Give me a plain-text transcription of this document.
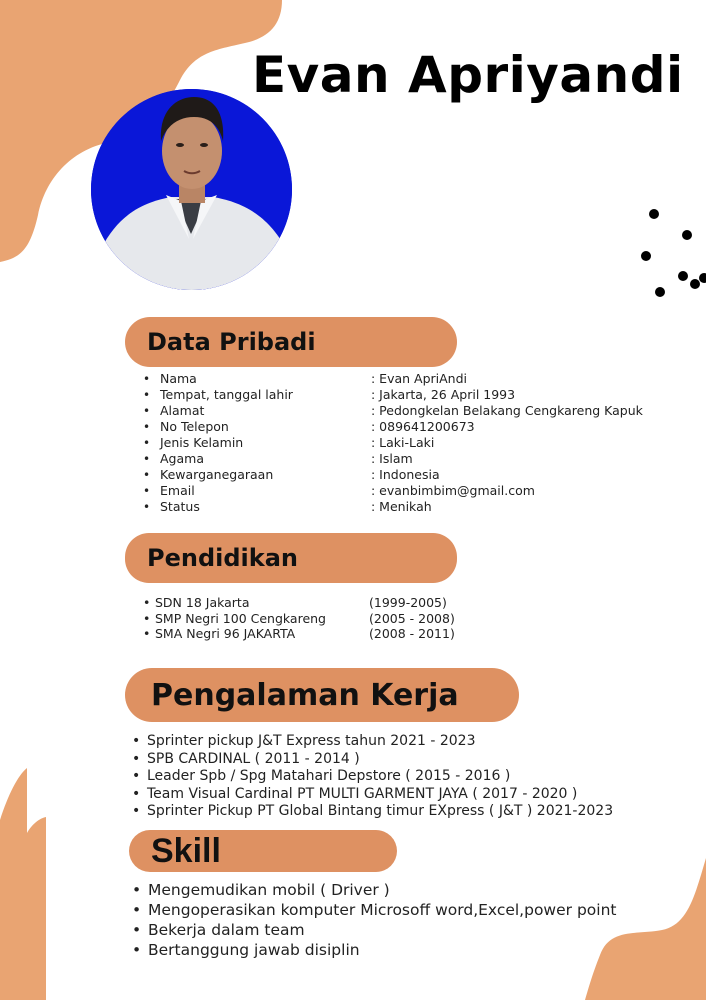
Evan Apriyandi
Data Pribadi
• Nama	: Evan ApriAndi
• Tempat, tanggal lahir	: Jakarta, 26 April 1993
• Alamat	: Pedongkelan Belakang Cengkareng Kapuk
• No Telepon	: 089641200673
• Jenis Kelamin	: Laki-Laki
• Agama	: Islam
• Kewarganegaraan	: Indonesia
• Email	: evanbimbim@gmail.com
• Status	: Menikah
Pendidikan
• SDN 18 Jakarta	(1999-2005)
• SMP Negri 100 Cengkareng	(2005 - 2008)
• SMA Negri 96 JAKARTA	(2008 - 2011)
Pengalaman Kerja
• Sprinter pickup J&T Express tahun 2021 - 2023
• SPB CARDINAL ( 2011 - 2014 )
• Leader Spb / Spg Matahari Depstore ( 2015 - 2016 )
• Team Visual Cardinal PT MULTI GARMENT JAYA ( 2017 - 2020 )
• Sprinter Pickup PT Global Bintang timur EXpress ( J&T ) 2021-2023
Skill
• Mengemudikan mobil ( Driver )
• Mengoperasikan komputer Microsoff word,Excel,power point
• Bekerja dalam team
• Bertanggung jawab disiplin
